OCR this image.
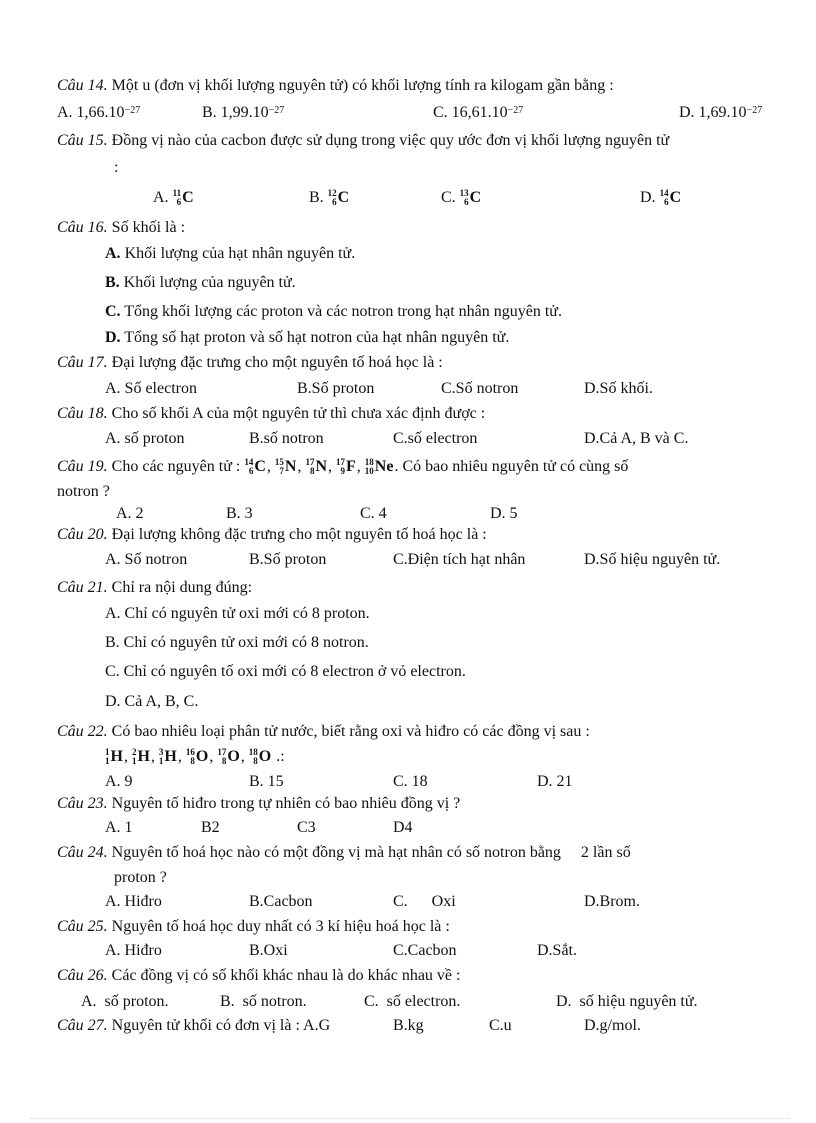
Câu 14. Một u (đơn vị khối lượng nguyên tử) có khối lượng tính ra kilogam gần bằng :
A. $1,66.10^{-27}$	B. $1,99.10^{-27}$	C. $16,61.10^{-27}$	D. $1,69.10^{-27}$
Câu 15. Đồng vị nào của cacbon được sử dụng trong việc quy ước đơn vị khối lượng nguyên tử
:
A. 11
6 C	B. 12
6 C	C. 13
6 C	D. 14
6 C
Câu 16. Số khối là :
A. Khối lượng của hạt nhân nguyên tử.
B. Khối lượng của nguyên tử.
C. Tổng khối lượng các proton và các notron trong hạt nhân nguyên tử.
D. Tổng số hạt proton và số hạt notron của hạt nhân nguyên tử.
Câu 17. Đại lượng đặc trưng cho một nguyên tố hoá học là :
A. Số electron	B.Số proton	C.Số notron	D.Số khối.
Câu 18. Cho số khối A của một nguyên tử thì chưa xác định được :
A. số proton	B.số notron	C.số electron	D.Cả A, B và C.
Câu 19. Cho các nguyên tử : 14
6 C , 15
7 N , 17
8 N , 17
9 F , 18
10 Ne . Có bao nhiêu nguyên tử có cùng số
notron ?
A. 2	B. 3	C. 4	D. 5
Câu 20. Đại lượng không đặc trưng cho một nguyên tố hoá học là :
A. Số notron	B.Số proton	C.Điện tích hạt nhân	D.Số hiệu nguyên tử.
Câu 21. Chỉ ra nội dung đúng:
A. Chỉ có nguyên tử oxi mới có 8 proton.
B. Chỉ có nguyên tử oxi mới có 8 notron.
C. Chỉ có nguyên tố oxi mới có 8 electron ở vỏ electron.
D. Cả A, B, C.
Câu 22. Có bao nhiêu loại phân tử nước, biết rằng oxi và hiđro có các đồng vị sau :
1
1 H , 2
1 H , 3
1 H , 16
8 O , 17
8 O , 18
8 O .:
A. 9	B. 15	C. 18	D. 21
Câu 23. Nguyên tố hiđro trong tự nhiên có bao nhiêu đồng vị ?
A. 1	B2	C3	D4
Câu 24. Nguyên tố hoá học nào có một đồng vị mà hạt nhân có số notron bằng     2 lần số
proton ?
A. Hiđro	B.Cacbon	C.      Oxi	D.Brom.
Câu 25. Nguyên tố hoá học duy nhất có 3 kí hiệu hoá học là :
A. Hiđro	B.Oxi	C.Cacbon	D.Sắt.
Câu 26. Các đồng vị có số khối khác nhau là do khác nhau về :
A.  số proton.	B.  số notron.	C.  số electron.	D.  số hiệu nguyên tử.
Câu 27. Nguyên tử khối có đơn vị là : A.G	B.kg	C.u	D.g/mol.
